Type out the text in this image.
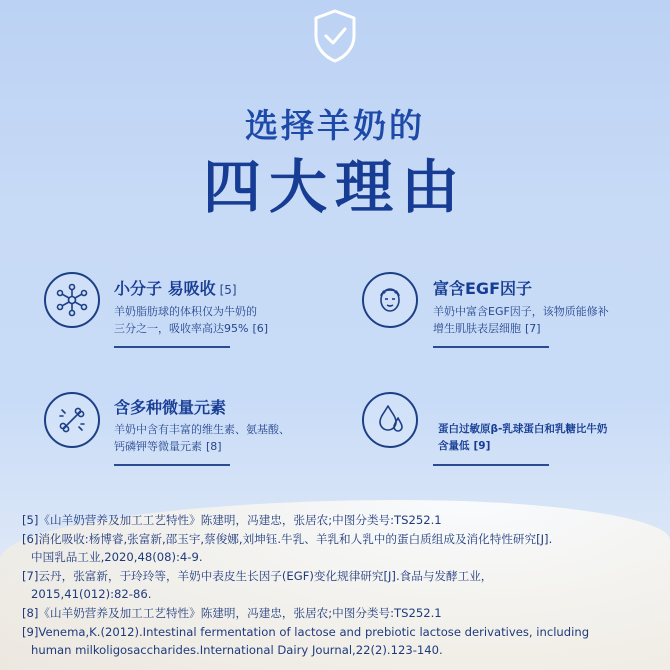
选择羊奶的
四大理由
小分子 易吸收 [5]
羊奶脂肪球的体积仅为牛奶的
三分之一，吸收率高达95% [6]
富含EGF因子
羊奶中富含EGF因子，该物质能修补
增生肌肤表层细胞 [7]
含多种微量元素
羊奶中含有丰富的维生素、氨基酸、
钙磷钾等微量元素 [8]
蛋白过敏原β-乳球蛋白和乳糖比牛奶
含量低 [9]
[5]《山羊奶营养及加工工艺特性》陈建明，冯建忠，张居农;中图分类号:TS252.1
[6]消化吸收:杨博睿,张富新,邵玉宇,蔡俊娜,刘坤钰.牛乳、羊乳和人乳中的蛋白质组成及消化特性研究[J].
中国乳品工业,2020,48(08):4-9.
[7]云丹，张富新，于玲玲等，羊奶中表皮生长因子(EGF)变化规律研究[J].食品与发酵工业，
2015,41(012):82-86.
[8]《山羊奶营养及加工工艺特性》陈建明，冯建忠，张居农;中图分类号:TS252.1
[9]Venema,K.(2012).Intestinal fermentation of lactose and prebiotic lactose derivatives, including
human milkoligosaccharides.International Dairy Journal,22(2).123-140.
